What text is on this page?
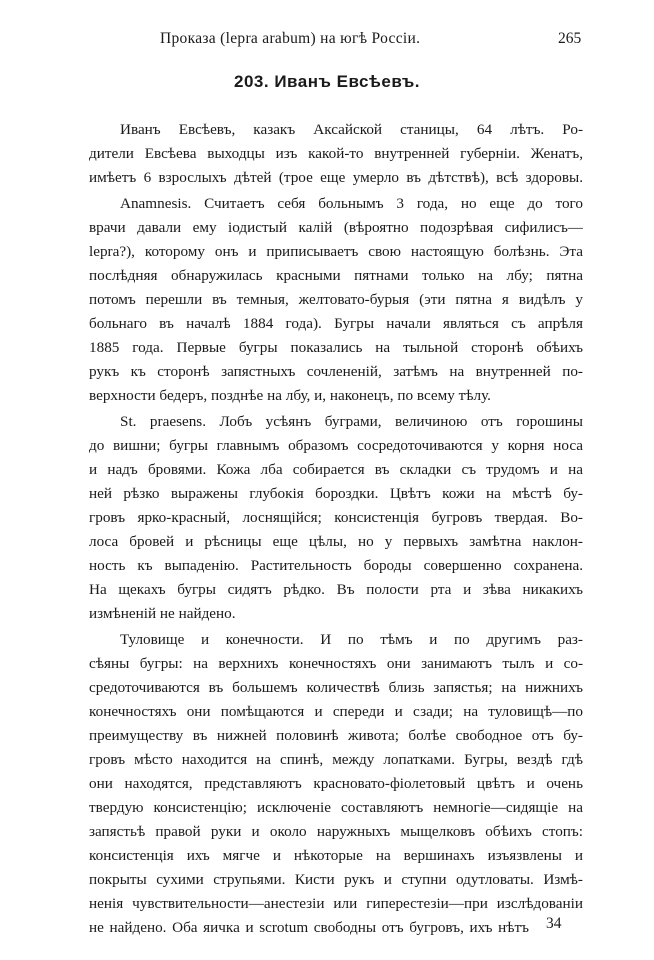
Проказа (lepra arabum) на югѣ Россіи.	265
203. Иванъ Евсѣевъ.
Иванъ Евсѣевъ, казакъ Аксайской станицы, 64 лѣтъ. Ро-
дители Евсѣева выходцы изъ какой-то внутренней губерніи. Женатъ,
имѣетъ 6 взрослыхъ дѣтей (трое еще умерло въ дѣтствѣ), всѣ здоровы.
Anamnesis. Считаетъ себя больнымъ 3 года, но еще до того
врачи давали ему іодистый калій (вѣроятно подозрѣвая сифилисъ—
lepra?), которому онъ и приписываетъ свою настоящую болѣзнь. Эта
послѣдняя обнаружилась красными пятнами только на лбу; пятна
потомъ перешли въ темныя, желтовато-бурыя (эти пятна я видѣлъ у
больнаго въ началѣ 1884 года). Бугры начали являться съ апрѣля
1885 года. Первые бугры показались на тыльной сторонѣ обѣихъ
рукъ къ сторонѣ запястныхъ сочлененій, затѣмъ на внутренней по-
верхности бедеръ, позднѣе на лбу, и, наконецъ, по всему тѣлу.
St. praesens. Лобъ усѣянъ буграми, величиною отъ горошины
до вишни; бугры главнымъ образомъ сосредоточиваются у корня носа
и надъ бровями. Кожа лба собирается въ складки съ трудомъ и на
ней рѣзко выражены глубокія бороздки. Цвѣтъ кожи на мѣстѣ бу-
гровъ ярко-красный, лоснящійся; консистенція бугровъ твердая. Во-
лоса бровей и рѣсницы еще цѣлы, но у первыхъ замѣтна наклон-
ность къ выпаденію. Растительность бороды совершенно сохранена.
На щекахъ бугры сидятъ рѣдко. Въ полости рта и зѣва никакихъ
измѣненій не найдено.
Туловище и конечности. И по тѣмъ и по другимъ раз-
сѣяны бугры: на верхнихъ конечностяхъ они занимаютъ тылъ и со-
средоточиваются въ большемъ количествѣ близь запястья; на нижнихъ
конечностяхъ они помѣщаются и спереди и сзади; на туловищѣ—по
преимуществу въ нижней половинѣ живота; болѣе свободное отъ бу-
гровъ мѣсто находится на спинѣ, между лопатками. Бугры, вездѣ гдѣ
они находятся, представляютъ красновато-фіолетовый цвѣтъ и очень
твердую консистенцію; исключеніе составляютъ немногіе—сидящіе на
запястьѣ правой руки и около наружныхъ мыщелковъ обѣихъ стопъ:
консистенція ихъ мягче и нѣкоторые на вершинахъ изъязвлены и
покрыты сухими струпьями. Кисти рукъ и ступни одутловаты. Измѣ-
ненія чувствительности—анестезіи или гиперестезіи—при изслѣдованіи
не найдено. Оба яичка и scrotum свободны отъ бугровъ, ихъ нѣтъ 34
